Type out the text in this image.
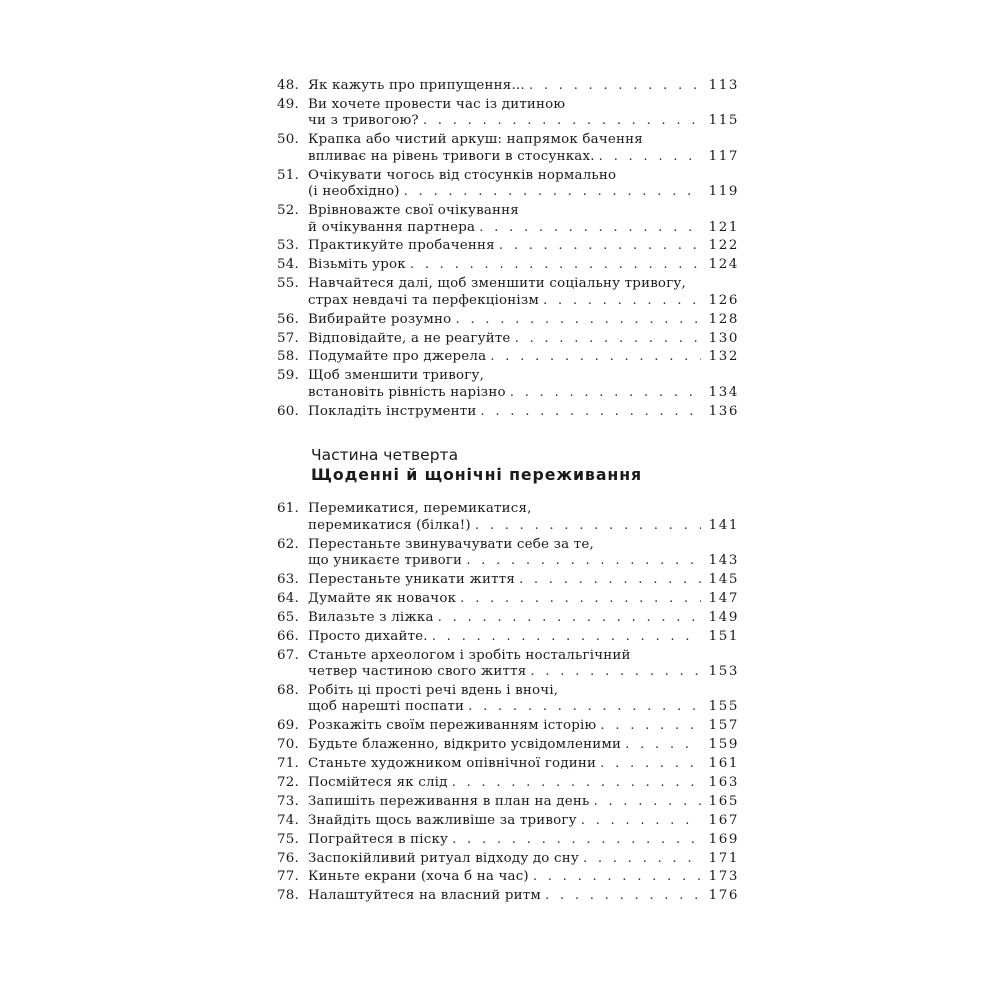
48. Як кажуть про припущення... . . .	113
49. Ви хочете провести час із дитиною
чи з тривогою? . . .	115
50. Крапка або чистий аркуш: напрямок бачення
впливає на рівень тривоги в стосунках. . . .	117
51. Очікувати чогось від стосунків нормально
(і необхідно) . . .	119
52. Врівноважте свої очікування
й очікування партнера . . .	121
53. Практикуйте пробачення . . .	122
54. Візьміть урок . . .	124
55. Навчайтеся далі, щоб зменшити соціальну тривогу,
страх невдачі та перфекціонізм . . .	126
56. Вибирайте розумно . . .	128
57. Відповідайте, а не реагуйте . . .	130
58. Подумайте про джерела . . .	132
59. Щоб зменшити тривогу,
встановіть рівність нарізно . . .	134
60. Покладіть інструменти . . .	136
Частина четверта
Щоденні й щонічні переживання
61. Перемикатися, перемикатися,
перемикатися (білка!) . . .	141
62. Перестаньте звинувачувати себе за те,
що уникаєте тривоги . . .	143
63. Перестаньте уникати життя . . .	145
64. Думайте як новачок . . .	147
65. Вилазьте з ліжка . . .	149
66. Просто дихайте. . . .	151
67. Станьте археологом і зробіть ностальгічний
четвер частиною свого життя . . .	153
68. Робіть ці прості речі вдень і вночі,
щоб нарешті поспати . . .	155
69. Розкажіть своїм переживанням історію . . .	157
70. Будьте блаженно, відкрито усвідомленими . . .	159
71. Станьте художником опівнічної години . . .	161
72. Посмійтеся як слід . . .	163
73. Запишіть переживання в план на день . . .	165
74. Знайдіть щось важливіше за тривогу . . .	167
75. Пограйтеся в піску . . .	169
76. Заспокійливий ритуал відходу до сну . . .	171
77. Киньте екрани (хоча б на час) . . .	173
78. Налаштуйтеся на власний ритм . . .	176
